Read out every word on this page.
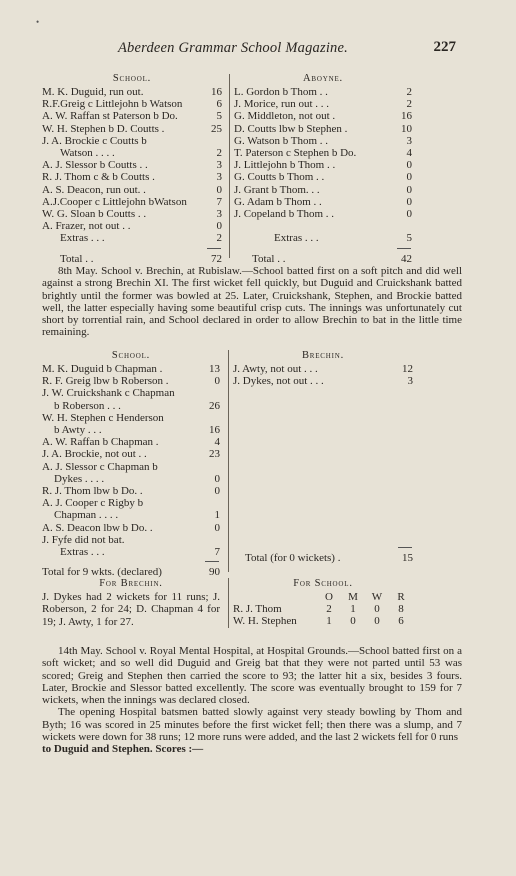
•
Aberdeen Grammar School Magazine.	227
School.
M. K. Duguid, run out.	16
R.F.Greig c Littlejohn b Watson	6
A. W. Raffan st Paterson b Do.	5
W. H. Stephen b D. Coutts .	25
J. A. Brockie c Coutts b
Watson . . . .	2
A. J. Slessor b Coutts . .	3
R. J. Thom c & b Coutts .	3
A. S. Deacon, run out. .	0
A.J.Cooper c Littlejohn bWatson	7
W. G. Sloan b Coutts . .	3
A. Frazer, not out . .	0
Extras . . .	2
Total . .	72
Aboyne.
L. Gordon b Thom . .	2
J. Morice, run out . . .	2
G. Middleton, not out .	16
D. Coutts lbw b Stephen .	10
G. Watson b Thom . .	3
T. Paterson c Stephen b Do.	4
J. Littlejohn b Thom . .	0
G. Coutts b Thom . .	0
J. Grant b Thom. . .	0
G. Adam b Thom . .	0
J. Copeland b Thom . .	0
Extras . . .	5
Total . .	42

8th May. School v. Brechin, at Rubislaw.—School batted first on a soft pitch and did well against a strong Brechin XI. The first wicket fell quickly, but Duguid and Cruickshank batted brightly until the former was bowled at 25. Later, Cruickshank, Stephen, and Brockie batted well, the latter especially having some beautiful crisp cuts. The innings was unfortunately cut short by torrential rain, and School declared in order to allow Brechin to bat in the little time remaining.

School.
M. K. Duguid b Chapman .	13
R. F. Greig lbw b Roberson .	0
J. W. Cruickshank c Chapman
b Roberson . . .	26
W. H. Stephen c Henderson
b Awty . . .	16
A. W. Raffan b Chapman .	4
J. A. Brockie, not out . .	23
A. J. Slessor c Chapman b
Dykes . . . .	0
R. J. Thom lbw b Do. .	0
A. J. Cooper c Rigby b
Chapman . . . .	1
A. S. Deacon lbw b Do. .	0
J. Fyfe did not bat.
Extras . . .	7
Total for 9 wkts. (declared)	90
Brechin.
J. Awty, not out . . .	12
J. Dykes, not out . . .	3
Total (for 0 wickets) .	15
For Brechin.
J. Dykes had 2 wickets for 11 runs; J. Roberson, 2 for 24; D. Chapman 4 for 19; J. Awty, 1 for 27.
For School.
O	M	W	R
R. J. Thom	2	1	0	8
W. H. Stephen	1	0	0	6

14th May. School v. Royal Mental Hospital, at Hospital Grounds.—School batted first on a soft wicket; and so well did Duguid and Greig bat that they were not parted until 53 was scored; Greig and Stephen then carried the score to 93; the latter hit a six, besides 3 fours. Later, Brockie and Slessor batted excellently. The score was eventually brought to 159 for 7 wickets, when the innings was declared closed.

The opening Hospital batsmen batted slowly against very steady bowling by Thom and Byth; 16 was scored in 25 minutes before the first wicket fell; then there was a slump, and 7 wickets were down for 38 runs; 12 more runs were added, and the last 2 wickets fell for 0 runs

to Duguid and Stephen. Scores :—
